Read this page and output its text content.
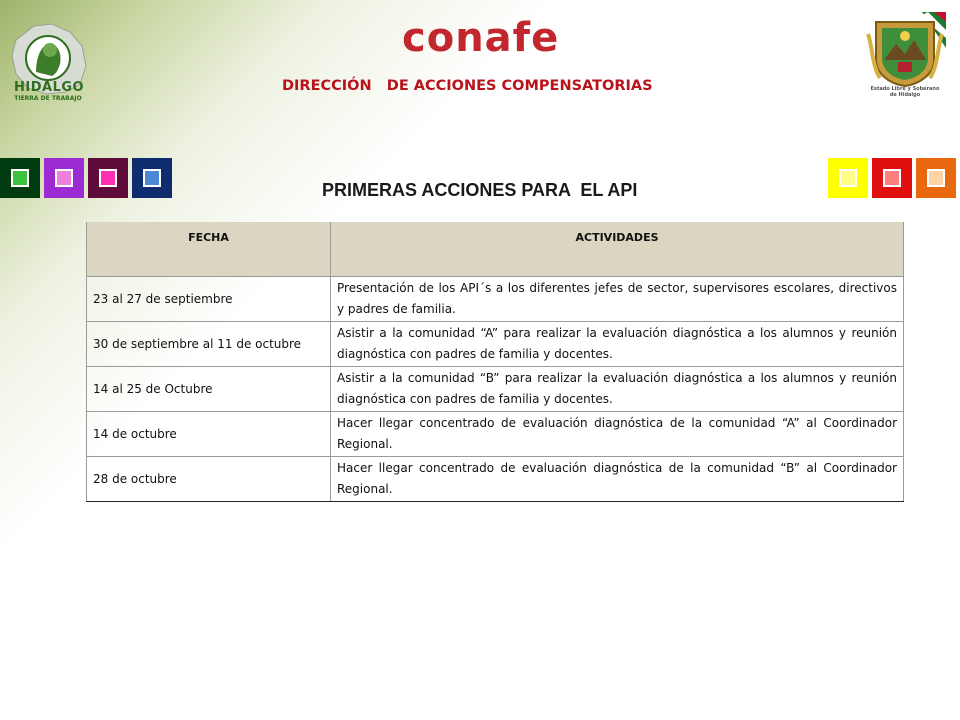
HIDALGO
TIERRA DE TRABAJO
conafe
DIRECCIÓN   DE ACCIONES COMPENSATORIAS	Estado Libre y Soberano
de Hidalgo
PRIMERAS ACCIONES PARA  EL API
FECHA	ACTIVIDADES
23 al 27 de septiembre	Presentación de los API´s a los diferentes jefes de sector, supervisores escolares, directivos y padres de familia.
30 de septiembre al 11 de octubre	Asistir a la comunidad “A” para realizar la evaluación diagnóstica a los alumnos y reunión diagnóstica con padres de familia y docentes.
14 al 25 de Octubre	Asistir a la comunidad “B” para realizar la evaluación diagnóstica a los alumnos y reunión diagnóstica con padres de familia y docentes.
14 de octubre	Hacer llegar concentrado de evaluación diagnóstica de la comunidad “A” al Coordinador Regional.
28 de octubre	Hacer llegar concentrado de evaluación diagnóstica de la comunidad “B” al Coordinador Regional.
